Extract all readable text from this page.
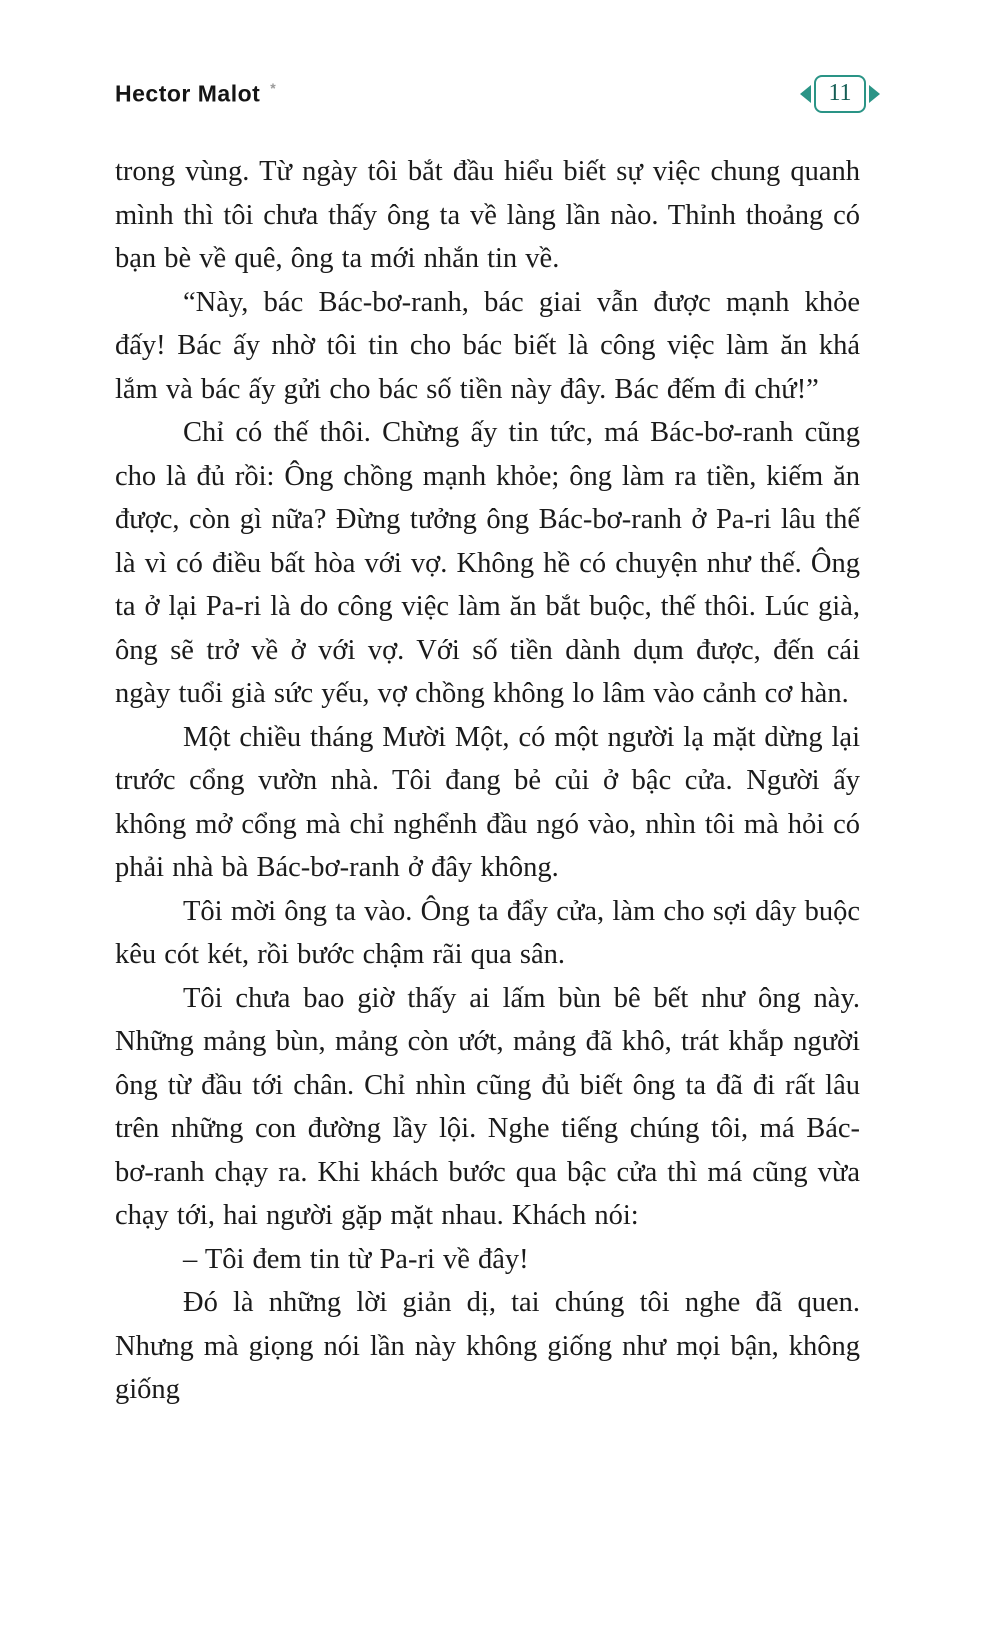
Hector Malot *	11

trong vùng. Từ ngày tôi bắt đầu hiểu biết sự việc chung quanh mình thì tôi chưa thấy ông ta về làng lần nào. Thỉnh thoảng có bạn bè về quê, ông ta mới nhắn tin về.

“Này, bác Bác-bơ-ranh, bác giai vẫn được mạnh khỏe đấy! Bác ấy nhờ tôi tin cho bác biết là công việc làm ăn khá lắm và bác ấy gửi cho bác số tiền này đây. Bác đếm đi chứ!”

Chỉ có thế thôi. Chừng ấy tin tức, má Bác-bơ-ranh cũng cho là đủ rồi: Ông chồng mạnh khỏe; ông làm ra tiền, kiếm ăn được, còn gì nữa? Đừng tưởng ông Bác-bơ-ranh ở Pa-ri lâu thế là vì có điều bất hòa với vợ. Không hề có chuyện như thế. Ông ta ở lại Pa-ri là do công việc làm ăn bắt buộc, thế thôi. Lúc già, ông sẽ trở về ở với vợ. Với số tiền dành dụm được, đến cái ngày tuổi già sức yếu, vợ chồng không lo lâm vào cảnh cơ hàn.

Một chiều tháng Mười Một, có một người lạ mặt dừng lại trước cổng vườn nhà. Tôi đang bẻ củi ở bậc cửa. Người ấy không mở cổng mà chỉ nghểnh đầu ngó vào, nhìn tôi mà hỏi có phải nhà bà Bác-bơ-ranh ở đây không.

Tôi mời ông ta vào. Ông ta đẩy cửa, làm cho sợi dây buộc kêu cót két, rồi bước chậm rãi qua sân.

Tôi chưa bao giờ thấy ai lấm bùn bê bết như ông này. Những mảng bùn, mảng còn ướt, mảng đã khô, trát khắp người ông từ đầu tới chân. Chỉ nhìn cũng đủ biết ông ta đã đi rất lâu trên những con đường lầy lội. Nghe tiếng chúng tôi, má Bác-bơ-ranh chạy ra. Khi khách bước qua bậc cửa thì má cũng vừa chạy tới, hai người gặp mặt nhau. Khách nói:

– Tôi đem tin từ Pa-ri về đây!

Đó là những lời giản dị, tai chúng tôi nghe đã quen. Nhưng mà giọng nói lần này không giống như mọi bận, không giống
